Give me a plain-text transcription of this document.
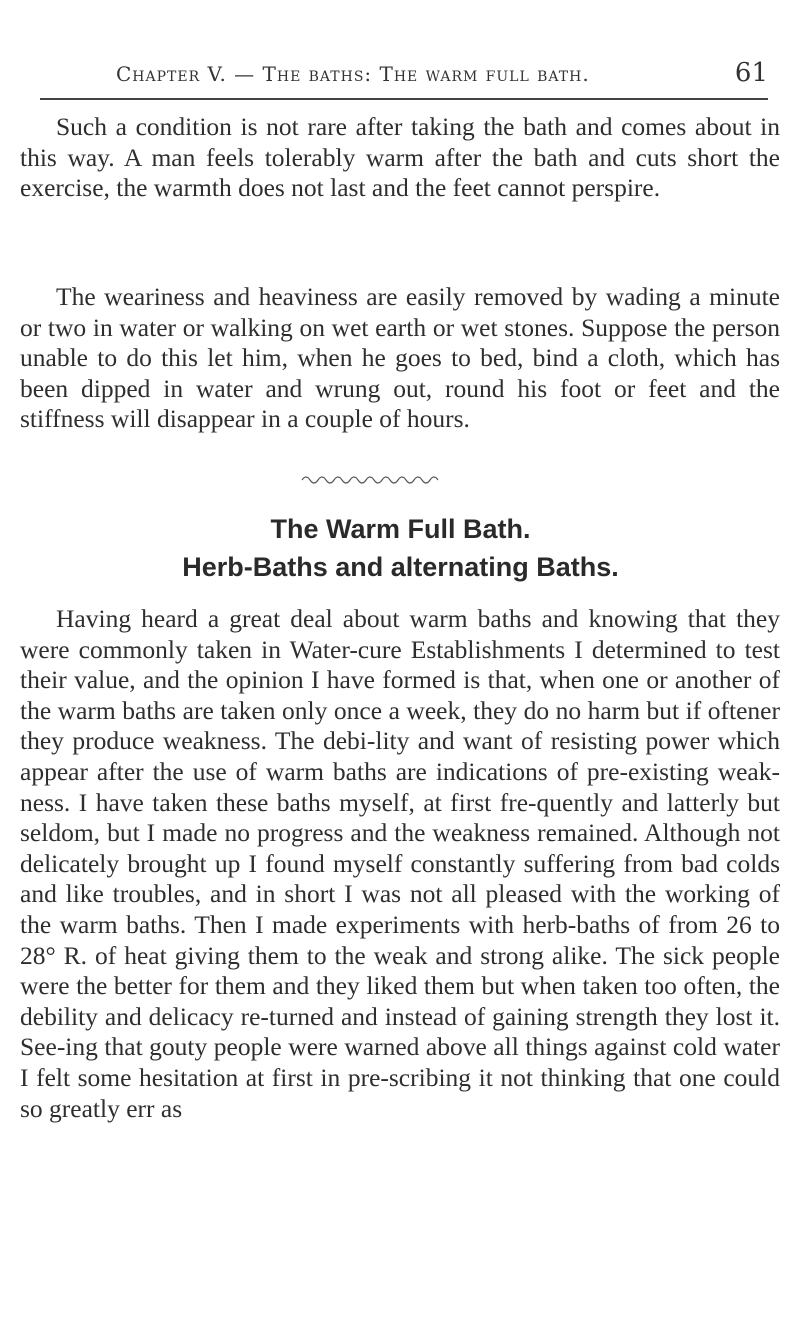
Chapter V. — The baths: The warm full bath.	61

Such a condition is not rare after taking the bath and comes about in this way. A man feels tolerably warm after the bath and cuts short the exercise, the warmth does not last and the feet cannot perspire.

The weariness and heaviness are easily removed by wading a minute or two in water or walking on wet earth or wet stones. Suppose the person unable to do this let him, when he goes to bed, bind a cloth, which has been dipped in water and wrung out, round his foot or feet and the stiffness will disappear in a couple of hours.

The Warm Full Bath.

Herb-Baths and alternating Baths.

Having heard a great deal about warm baths and knowing that they were commonly taken in Water-cure Establishments I determined to test their value, and the opinion I have formed is that, when one or another of the warm baths are taken only once a week, they do no harm but if oftener they produce weakness. The debi-lity and want of resisting power which appear after the use of warm baths are indications of pre-existing weak-ness. I have taken these baths myself, at first fre-quently and latterly but seldom, but I made no progress and the weakness remained. Although not delicately brought up I found myself constantly suffering from bad colds and like troubles, and in short I was not all pleased with the working of the warm baths. Then I made experiments with herb-baths of from 26 to 28° R. of heat giving them to the weak and strong alike. The sick people were the better for them and they liked them but when taken too often, the debility and delicacy re-turned and instead of gaining strength they lost it. See-ing that gouty people were warned above all things against cold water I felt some hesitation at first in pre-scribing it not thinking that one could so greatly err as
